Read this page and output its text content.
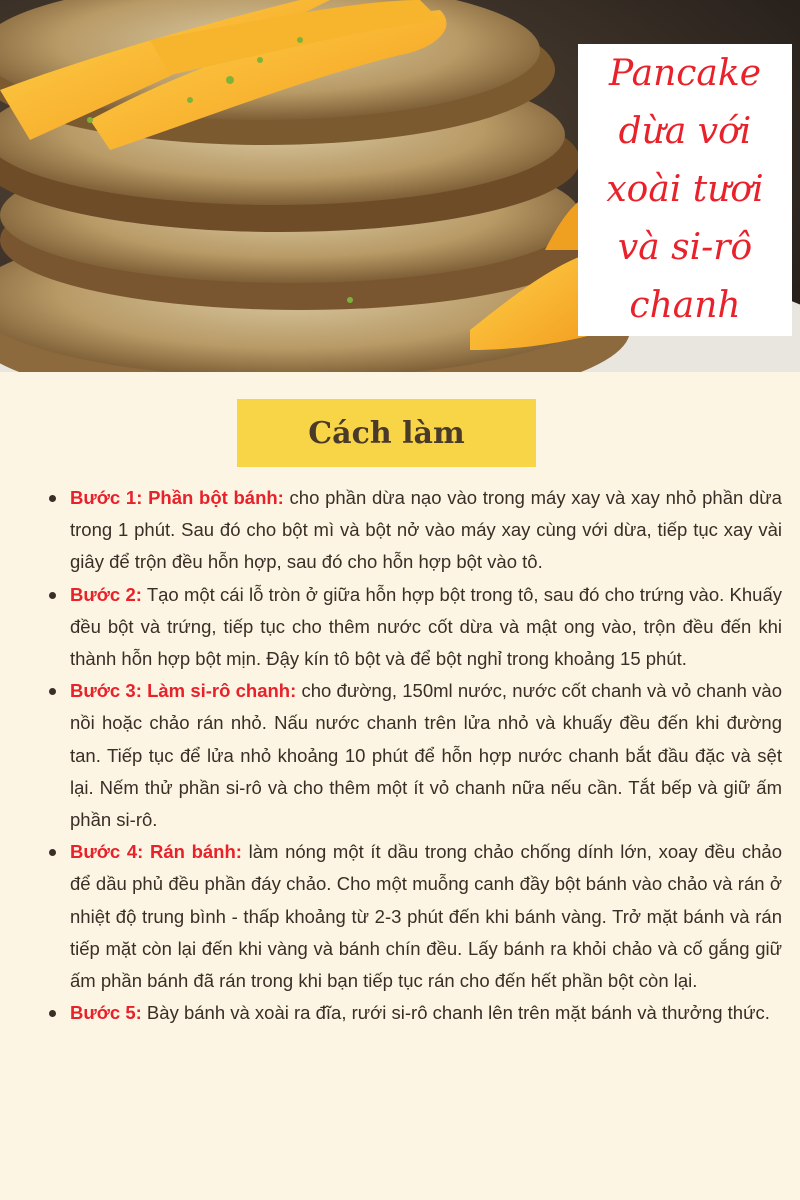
Pancake dừa với xoài tươi và si-rô chanh
Cách làm
Bước 1: Phần bột bánh: cho phần dừa nạo vào trong máy xay và xay nhỏ phần dừa trong 1 phút. Sau đó cho bột mì và bột nở vào máy xay cùng với dừa, tiếp tục xay vài giây để trộn đều hỗn hợp, sau đó cho hỗn hợp bột vào tô.
Bước 2: Tạo một cái lỗ tròn ở giữa hỗn hợp bột trong tô, sau đó cho trứng vào. Khuấy đều bột và trứng, tiếp tục cho thêm nước cốt dừa và mật ong vào, trộn đều đến khi thành hỗn hợp bột mịn. Đậy kín tô bột và để bột nghỉ trong khoảng 15 phút.
Bước 3: Làm si-rô chanh: cho đường, 150ml nước, nước cốt chanh và vỏ chanh vào nồi hoặc chảo rán nhỏ. Nấu nước chanh trên lửa nhỏ và khuấy đều đến khi đường tan. Tiếp tục để lửa nhỏ khoảng 10 phút để hỗn hợp nước chanh bắt đầu đặc và sệt lại. Nếm thử phần si-rô và cho thêm một ít vỏ chanh nữa nếu cần. Tắt bếp và giữ ấm phần si-rô.
Bước 4: Rán bánh: làm nóng một ít dầu trong chảo chống dính lớn, xoay đều chảo để dầu phủ đều phần đáy chảo. Cho một muỗng canh đầy bột bánh vào chảo và rán ở nhiệt độ trung bình - thấp khoảng từ 2-3 phút đến khi bánh vàng. Trở mặt bánh và rán tiếp mặt còn lại đến khi vàng và bánh chín đều. Lấy bánh ra khỏi chảo và cố gắng giữ ấm phần bánh đã rán trong khi bạn tiếp tục rán cho đến hết phần bột còn lại.
Bước 5: Bày bánh và xoài ra đĩa, rưới si-rô chanh lên trên mặt bánh và thưởng thức.
